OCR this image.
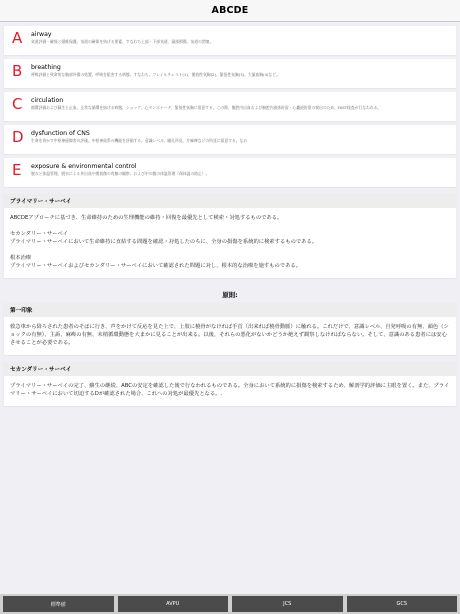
ABCDE
A	airway
気道評価・確保と頸椎保護。気道の確保を妨げる要素、すなわち上部・下部気道、頭部損傷、気道の閉塞。
B	breathing
呼吸評価と致命的な胸部外傷の処置。呼吸を阻害する病態、すなわち、フレイルチェスト(1)、開放性気胸(2)、緊張性気胸(3)、大量血胸(4)など。
C	circulation
循環評価および蘇生と止血。正常な循環を妨げる病態、ショック、心タンポナーデ、緊張性気胸に留意する。この際、腹腔内出血および胸腔内液体貯留・心嚢液貯留の検出のため、FAST検査が行なわれる。
D	dysfunction of CNS
生命を脅かす中枢神経障害の評価。中枢神経系の機能を評価する。意識レベル、瞳孔所見、片麻痺などの所見に留意する。なお
E	exposure & environmental control
脱衣と体温管理。脱衣による外出血や開放創の有無の観察、および中の腹の体温管理（保体温の防止）。
プライマリー・サーベイ

ABCDEアプローチに基づき、生命維持のための生理機能の維持・回復を最優先として検索・対処するものである。

セカンダリー・サーベイ
プライマリー・サーベイにおいて生命維持に直結する問題を確認・対処したのちに、全身の損傷を系統的に検索するものである。

根本治療
プライマリー・サーベイおよびセカンダリー・サーベイにおいて確認された問題に対し、根本的な治療を施すものである。

原則:
第一印象

救急車から降ろされた患者のそばに行き、声をかけて反応を見た上で、上肢に橈骨がなければ手首（出来れば橈骨動脈）に触れる。これだけで、意識レベル、自発呼吸の有無、顔色（ショックの有無）、主訴、麻痺の有無、末梢循環動態を大まかに見ることが出来る。以後、それらの悪化がないかどうか絶えず観察しなければならない。そして、意識のある患者には安心させることが必要である。

セカンダリー・サーベイ

プライマリー・サーベイの完了、蘇生の継続、ABCの安定を確認した後で行なわれるものである。全身において系統的に損傷を検索するため、解剖学的評価に主眼を置く。また、プライマリー・サーベイにおいて切迫するDが確認された場合、これへの対処が最優先となる。.

標準値	AVPU	JCS	GCS
